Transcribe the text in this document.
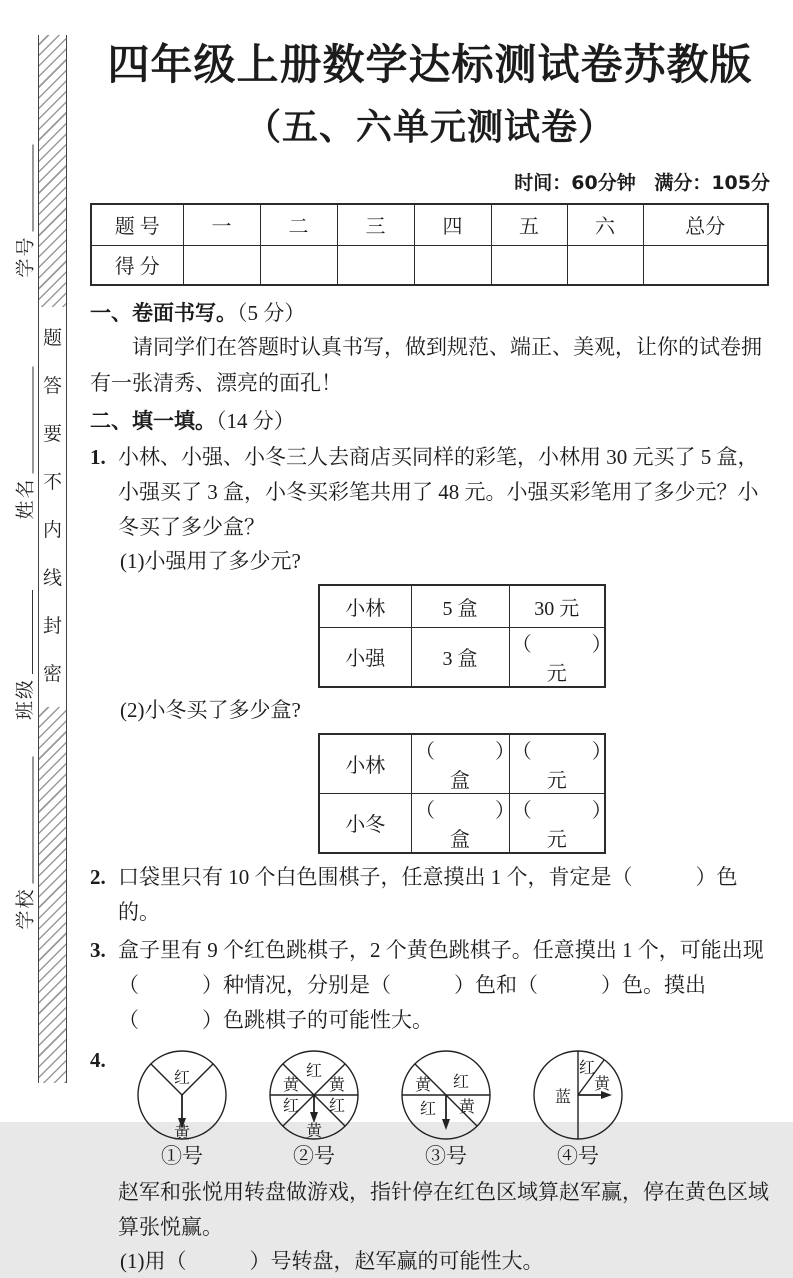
学号
姓名
班级
学校
题
答
要
不
内
线
封
密
四年级上册数学达标测试卷苏教版
（五、六单元测试卷）
时间：60分钟 满分：105分
题 号	一	二	三	四	五	六	总分
得 分							
一、卷面书写。（5 分）

请同学们在答题时认真书写，做到规范、端正、美观，让你的试卷拥有一张清秀、漂亮的面孔！

二、填一填。（14 分）
1. 小林、小强、小冬三人去商店买同样的彩笔，小林用 30 元买了 5 盒，小强买了 3 盒，小冬买彩笔共用了 48 元。小强买彩笔用了多少元？小冬买了多少盒？
(1)小强用了多少元?
小林	5 盒	30 元
小强	3 盒	（　　　）元
(2)小冬买了多少盒?
小林	（　　　）盒	（　　　）元
小冬	（　　　）盒	（　　　）元
2. 口袋里只有 10 个白色围棋子，任意摸出 1 个，肯定是（　　　）色的。
3. 盒子里有 9 个红色跳棋子，2 个黄色跳棋子。任意摸出 1 个，可能出现（　　　）种情况，分别是（　　　）色和（　　　）色。摸出（　　　）色跳棋子的可能性大。
4.
红
黄
①号
红
黄 黄
红 红
黄
②号
黄 红
红 黄
③号
红
黄
蓝
④号
赵军和张悦用转盘做游戏，指针停在红色区域算赵军赢，停在黄色区域算张悦赢。
(1)用（　　　）号转盘，赵军赢的可能性大。
